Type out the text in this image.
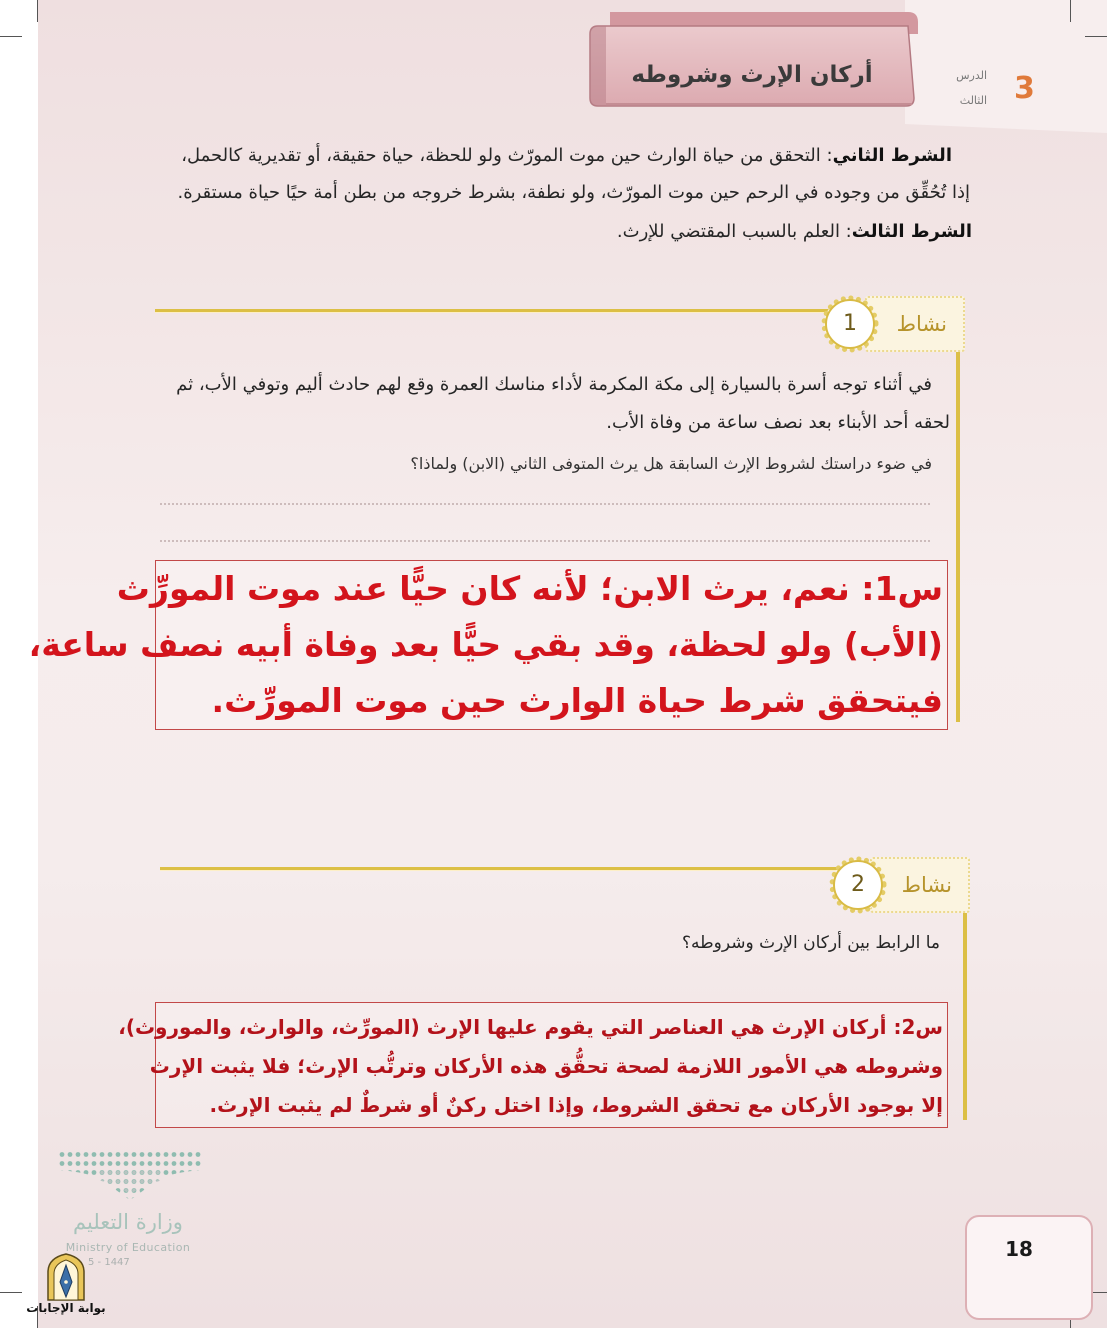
أركان الإرث وشروطه	3
الدرس
الثالث
الشرط الثاني: التحقق من حياة الوارث حين موت المورّث ولو للحظة، حياة حقيقة، أو تقديرية كالحمل،
إذا تُحُقِّق من وجوده في الرحم حين موت المورّث، ولو نطفة، بشرط خروجه من بطن أمة حيًا حياة مستقرة.
الشرط الثالث: العلم بالسبب المقتضي للإرث.
نشاط
1
في أثناء توجه أسرة بالسيارة إلى مكة المكرمة لأداء مناسك العمرة وقع لهم حادث أليم وتوفي الأب، ثم
لحقه أحد الأبناء بعد نصف ساعة من وفاة الأب.
في ضوء دراستك لشروط الإرث السابقة هل يرث المتوفى الثاني (الابن) ولماذا؟
س1: نعم، يرث الابن؛ لأنه كان حيًّا عند موت المورِّث
(الأب) ولو لحظة، وقد بقي حيًّا بعد وفاة أبيه نصف ساعة،
فيتحقق شرط حياة الوارث حين موت المورِّث.
نشاط
2
ما الرابط بين أركان الإرث وشروطه؟
س2: أركان الإرث هي العناصر التي يقوم عليها الإرث (المورِّث، والوارث، والموروث)،
وشروطه هي الأمور اللازمة لصحة تحقُّق هذه الأركان وترتُّب الإرث؛ فلا يثبت الإرث
إلا بوجود الأركان مع تحقق الشروط، وإذا اختل ركنٌ أو شرطٌ لم يثبت الإرث.
وزارة التعليم
Ministry of Education
5 - 1447
بوابة الإجابات
18
